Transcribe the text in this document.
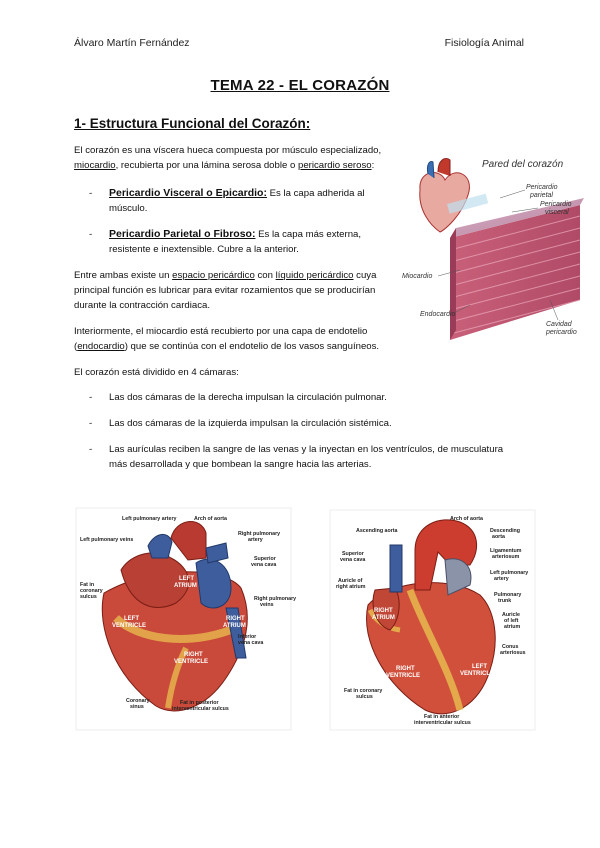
Álvaro Martín Fernández	Fisiología Animal
TEMA 22 - EL CORAZÓN
1- Estructura Funcional del Corazón:
El corazón es una víscera hueca compuesta por músculo especializado,
miocardio, recubierta por una lámina serosa doble o pericardio seroso:
- Pericardio Visceral o Epicardio: Es la capa adherida al
músculo.
- Pericardio Parietal o Fibroso: Es la capa más externa,
resistente e inextensible. Cubre a la anterior.
Entre ambas existe un espacio pericárdico con líquido pericárdico cuya
principal función es lubricar para evitar rozamientos que se producirían
durante la contracción cardiaca.
Interiormente, el miocardio está recubierto por una capa de endotelio
(endocardio) que se continúa con el endotelio de los vasos sanguíneos.
El corazón está dividido en 4 cámaras:
- Las dos cámaras de la derecha impulsan la circulación pulmonar.
- Las dos cámaras de la izquierda impulsan la circulación sistémica.
- Las aurículas reciben la sangre de las venas y la inyectan en los ventrículos, de musculatura
más desarrollada y que bombean la sangre hacia las arterias.
Pared del corazón
Pericardio parietal
Pericardio visceral
Miocardio
Endocardio
Cavidad pericardio
Left pulmonary artery	Arch of aorta
Left pulmonary veins
Right pulmonary artery
Superior vena cava
Right pulmonary veins
Fat in coronary sulcus
Inferior vena cava
Coronary sinus
Fat in posterior interventricular sulcus
LEFT ATRIUM
LEFT VENTRICLE
RIGHT ATRIUM
RIGHT VENTRICLE
Arch of aorta
Ascending aorta	Descending aorta
Ligamentum arteriosum
Superior vena cava
Left pulmonary artery
Auricle of right atrium
Pulmonary trunk
Auricle of left atrium
Conus arteriosus
Fat in coronary sulcus
Fat in anterior interventricular sulcus
RIGHT ATRIUM
RIGHT VENTRICLE
LEFT VENTRICLE
